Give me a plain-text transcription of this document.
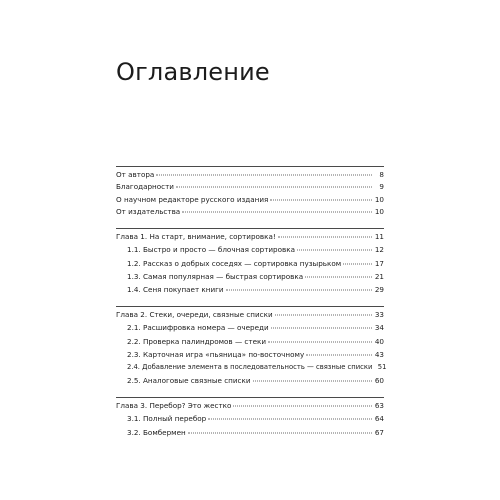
Оглавление
От автора	8
Благодарности	9
О научном редакторе русского издания	10
От издательства	10
Глава 1. На старт, внимание, сортировка!	11
1.1. Быстро и просто — блочная сортировка	12
1.2. Рассказ о добрых соседях — сортировка пузырьком	17
1.3. Самая популярная — быстрая сортировка	21
1.4. Сеня покупает книги	29
Глава 2. Стеки, очереди, связные списки	33
2.1. Расшифровка номера — очереди	34
2.2. Проверка палиндромов — стеки	40
2.3. Карточная игра «пьяница» по-восточному	43
2.4. Добавление элемента в последовательность — связные списки 51
2.5. Аналоговые связные списки	60
Глава 3. Перебор? Это жестко	63
3.1. Полный перебор	64
3.2. Бомбермен	67
